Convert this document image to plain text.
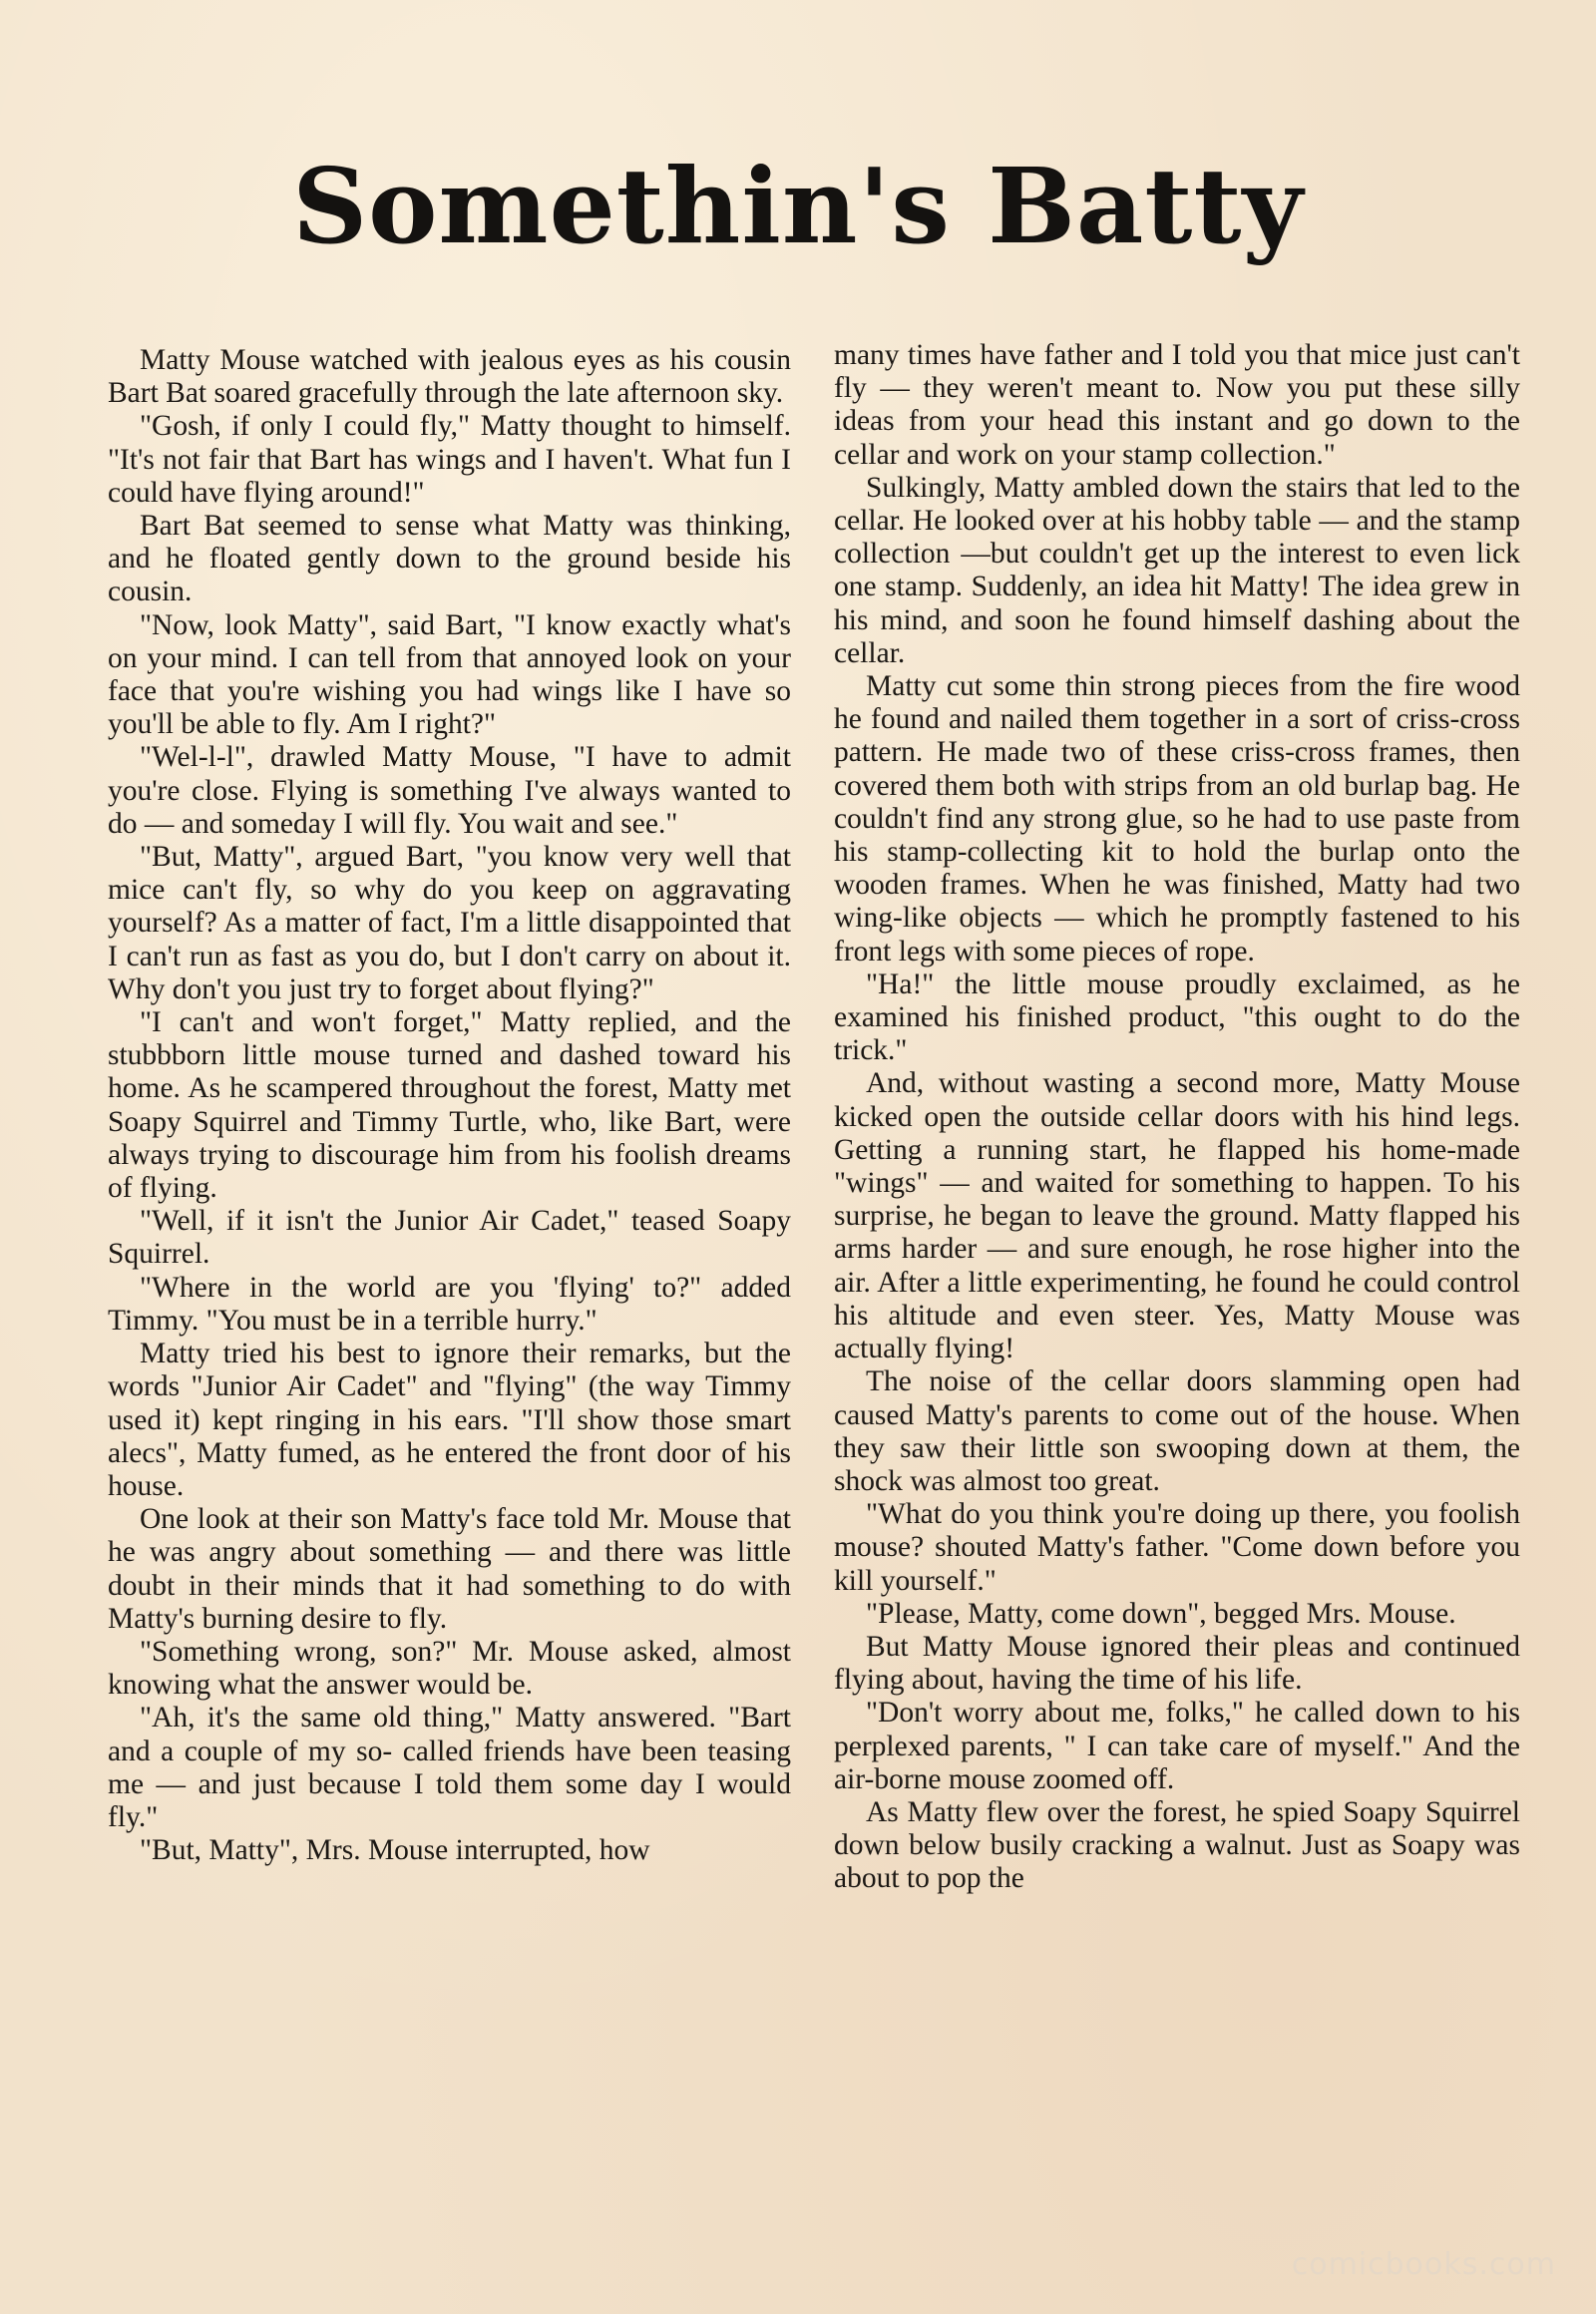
Somethin's Batty

Matty Mouse watched with jealous eyes as his cousin Bart Bat soared gracefully through the late afternoon sky.

"Gosh, if only I could fly," Matty thought to himself. "It's not fair that Bart has wings and I haven't. What fun I could have flying around!"

Bart Bat seemed to sense what Matty was thinking, and he floated gently down to the ground beside his cousin.

"Now, look Matty", said Bart, "I know exactly what's on your mind. I can tell from that annoyed look on your face that you're wishing you had wings like I have so you'll be able to fly. Am I right?"

"Wel-l-l", drawled Matty Mouse, "I have to admit you're close. Flying is something I've always wanted to do — and someday I will fly. You wait and see."

"But, Matty", argued Bart, "you know very well that mice can't fly, so why do you keep on aggravating yourself? As a matter of fact, I'm a little disappointed that I can't run as fast as you do, but I don't carry on about it. Why don't you just try to forget about flying?"

"I can't and won't forget," Matty replied, and the stubbborn little mouse turned and dashed toward his home. As he scampered throughout the forest, Matty met Soapy Squirrel and Timmy Turtle, who, like Bart, were always trying to discourage him from his foolish dreams of flying.

"Well, if it isn't the Junior Air Cadet," teased Soapy Squirrel.

"Where in the world are you 'flying' to?" added Timmy. "You must be in a terrible hurry."

Matty tried his best to ignore their remarks, but the words "Junior Air Cadet" and "flying" (the way Timmy used it) kept ringing in his ears. "I'll show those smart alecs", Matty fumed, as he entered the front door of his house.

One look at their son Matty's face told Mr. Mouse that he was angry about something — and there was little doubt in their minds that it had something to do with Matty's burning desire to fly.

"Something wrong, son?" Mr. Mouse asked, almost knowing what the answer would be.

"Ah, it's the same old thing," Matty answered. "Bart and a couple of my so- called friends have been teasing me — and just because I told them some day I would fly."

"But, Matty", Mrs. Mouse interrupted, how

many times have father and I told you that mice just can't fly — they weren't meant to. Now you put these silly ideas from your head this instant and go down to the cellar and work on your stamp collection."

Sulkingly, Matty ambled down the stairs that led to the cellar. He looked over at his hobby table — and the stamp collection —but couldn't get up the interest to even lick one stamp. Suddenly, an idea hit Matty! The idea grew in his mind, and soon he found himself dashing about the cellar.

Matty cut some thin strong pieces from the fire wood he found and nailed them together in a sort of criss-cross pattern. He made two of these criss-cross frames, then covered them both with strips from an old burlap bag. He couldn't find any strong glue, so he had to use paste from his stamp-collecting kit to hold the burlap onto the wooden frames. When he was finished, Matty had two wing-like objects — which he promptly fastened to his front legs with some pieces of rope.

"Ha!" the little mouse proudly exclaimed, as he examined his finished product, "this ought to do the trick."

And, without wasting a second more, Matty Mouse kicked open the outside cellar doors with his hind legs. Getting a running start, he flapped his home-made "wings" — and waited for something to happen. To his surprise, he began to leave the ground. Matty flapped his arms harder — and sure enough, he rose higher into the air. After a little experimenting, he found he could control his altitude and even steer. Yes, Matty Mouse was actually flying!

The noise of the cellar doors slamming open had caused Matty's parents to come out of the house. When they saw their little son swooping down at them, the shock was almost too great.

"What do you think you're doing up there, you foolish mouse? shouted Matty's father. "Come down before you kill yourself."

"Please, Matty, come down", begged Mrs. Mouse.

But Matty Mouse ignored their pleas and continued flying about, having the time of his life.

"Don't worry about me, folks," he called down to his perplexed parents, " I can take care of myself." And the air-borne mouse zoomed off.

As Matty flew over the forest, he spied Soapy Squirrel down below busily cracking a walnut. Just as Soapy was about to pop the

comicbooks.com
